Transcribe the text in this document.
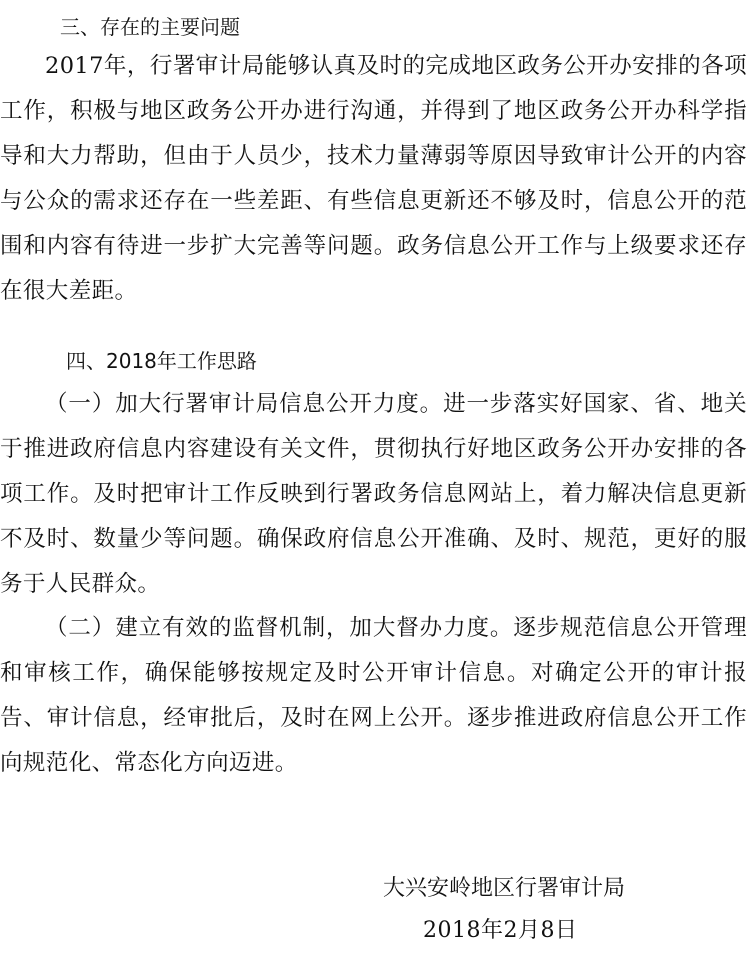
三、存在的主要问题

2017年，行署审计局能够认真及时的完成地区政务公开办安排的各项工作，积极与地区政务公开办进行沟通，并得到了地区政务公开办科学指导和大力帮助，但由于人员少，技术力量薄弱等原因导致审计公开的内容与公众的需求还存在一些差距、有些信息更新还不够及时，信息公开的范围和内容有待进一步扩大完善等问题。政务信息公开工作与上级要求还存在很大差距。

四、2018年工作思路

（一）加大行署审计局信息公开力度。进一步落实好国家、省、地关于推进政府信息内容建设有关文件，贯彻执行好地区政务公开办安排的各项工作。及时把审计工作反映到行署政务信息网站上，着力解决信息更新不及时、数量少等问题。确保政府信息公开准确、及时、规范，更好的服务于人民群众。

（二）建立有效的监督机制，加大督办力度。逐步规范信息公开管理和审核工作，确保能够按规定及时公开审计信息。对确定公开的审计报告、审计信息，经审批后，及时在网上公开。逐步推进政府信息公开工作向规范化、常态化方向迈进。

大兴安岭地区行署审计局
2018年2月8日
